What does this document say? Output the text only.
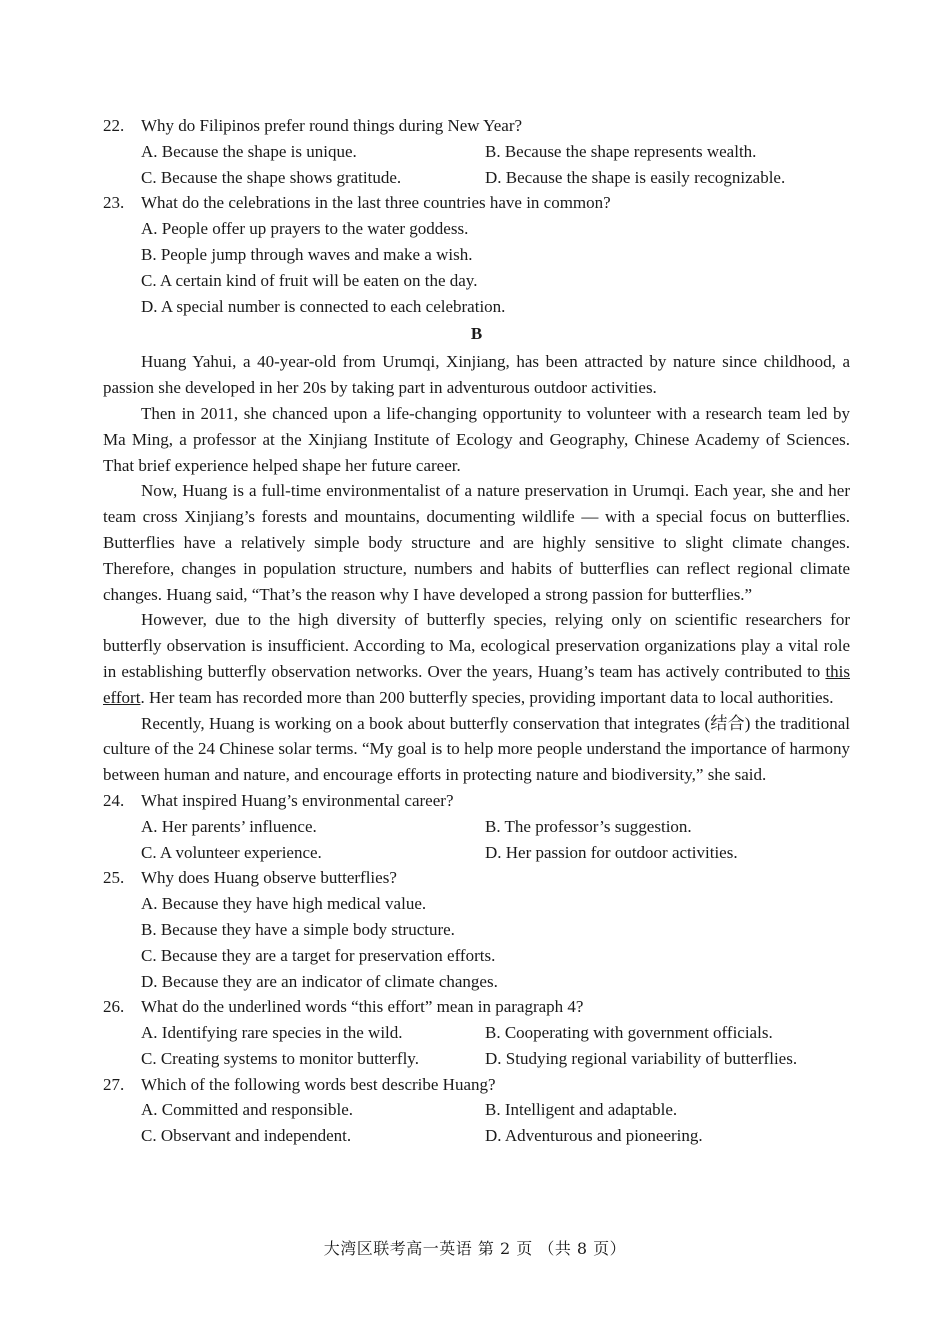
22. Why do Filipinos prefer round things during New Year?
A. Because the shape is unique.	B. Because the shape represents wealth.
C. Because the shape shows gratitude.	D. Because the shape is easily recognizable.
23. What do the celebrations in the last three countries have in common?
A. People offer up prayers to the water goddess.
B. People jump through waves and make a wish.
C. A certain kind of fruit will be eaten on the day.
D. A special number is connected to each celebration.
B

Huang Yahui, a 40-year-old from Urumqi, Xinjiang, has been attracted by nature since childhood, a passion she developed in her 20s by taking part in adventurous outdoor activities.

Then in 2011, she chanced upon a life-changing opportunity to volunteer with a research team led by Ma Ming, a professor at the Xinjiang Institute of Ecology and Geography, Chinese Academy of Sciences. That brief experience helped shape her future career.

Now, Huang is a full-time environmentalist of a nature preservation in Urumqi. Each year, she and her team cross Xinjiang’s forests and mountains, documenting wildlife — with a special focus on butterflies. Butterflies have a relatively simple body structure and are highly sensitive to slight climate changes. Therefore, changes in population structure, numbers and habits of butterflies can reflect regional climate changes. Huang said, “That’s the reason why I have developed a strong passion for butterflies.”

However, due to the high diversity of butterfly species, relying only on scientific researchers for butterfly observation is insufficient. According to Ma, ecological preservation organizations play a vital role in establishing butterfly observation networks. Over the years, Huang’s team has actively contributed to this effort. Her team has recorded more than 200 butterfly species, providing important data to local authorities.

Recently, Huang is working on a book about butterfly conservation that integrates (结合) the traditional culture of the 24 Chinese solar terms. “My goal is to help more people understand the importance of harmony between human and nature, and encourage efforts in protecting nature and biodiversity,” she said.

24. What inspired Huang’s environmental career?
A. Her parents’ influence.	B. The professor’s suggestion.
C. A volunteer experience.	D. Her passion for outdoor activities.
25. Why does Huang observe butterflies?
A. Because they have high medical value.
B. Because they have a simple body structure.
C. Because they are a target for preservation efforts.
D. Because they are an indicator of climate changes.
26. What do the underlined words “this effort” mean in paragraph 4?
A. Identifying rare species in the wild.	B. Cooperating with government officials.
C. Creating systems to monitor butterfly.	D. Studying regional variability of butterflies.
27. Which of the following words best describe Huang?
A. Committed and responsible.	B. Intelligent and adaptable.
C. Observant and independent.	D. Adventurous and pioneering.
大湾区联考高一英语 第 2 页 （共 8 页）
